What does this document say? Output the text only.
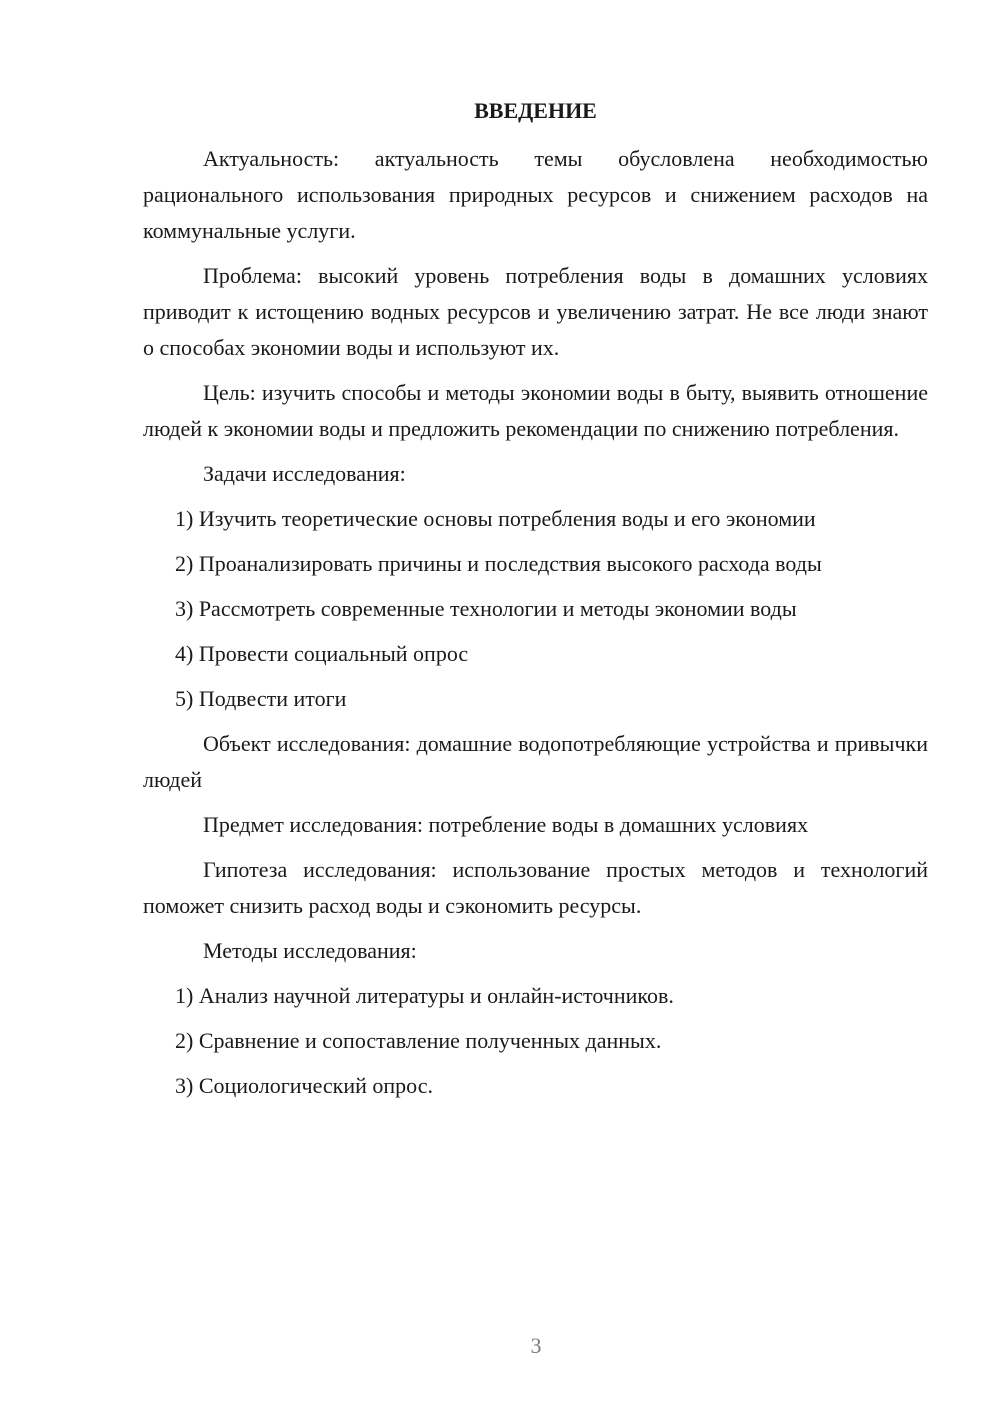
ВВЕДЕНИЕ

Актуальность: актуальность темы обусловлена необходимостью рационального использования природных ресурсов и снижением расходов на коммунальные услуги.

Проблема: высокий уровень потребления воды в домашних условиях приводит к истощению водных ресурсов и увеличению затрат. Не все люди знают о способах экономии воды и используют их.

Цель: изучить способы и методы экономии воды в быту, выявить отношение людей к экономии воды и предложить рекомендации по снижению потребления.

Задачи исследования:

1) Изучить теоретические основы потребления воды и его экономии
2) Проанализировать причины и последствия высокого расхода воды
3) Рассмотреть современные технологии и методы экономии воды
4) Провести социальный опрос
5) Подвести итоги

Объект исследования: домашние водопотребляющие устройства и привычки людей

Предмет исследования: потребление воды в домашних условиях

Гипотеза исследования: использование простых методов и технологий поможет снизить расход воды и сэкономить ресурсы.

Методы исследования:

1) Анализ научной литературы и онлайн-источников.
2) Сравнение и сопоставление полученных данных.
3) Социологический опрос.
3
